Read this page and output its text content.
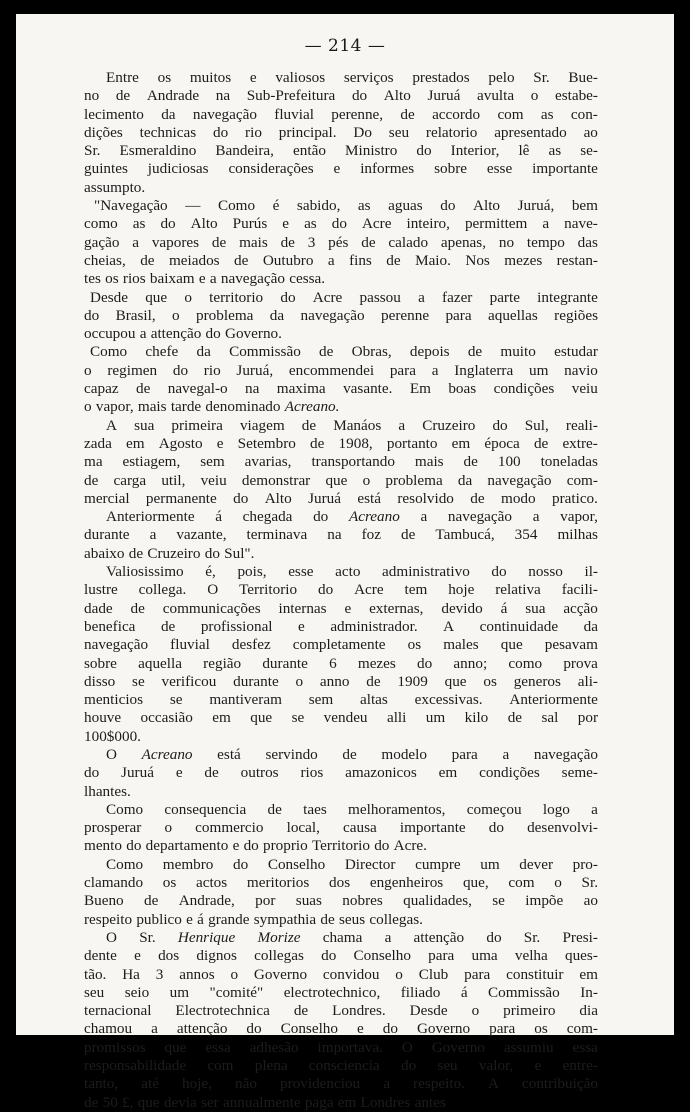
— 214 —
Entre os muitos e valiosos serviços prestados pelo Sr. Bue-
no de Andrade na Sub-Prefeitura do Alto Juruá avulta o estabe-
lecimento da navegação fluvial perenne, de accordo com as con-
dições technicas do rio principal. Do seu relatorio apresentado ao
Sr. Esmeraldino Bandeira, então Ministro do Interior, lê as se-
guintes judiciosas considerações e informes sobre esse importante
assumpto.
"Navegação — Como é sabido, as aguas do Alto Juruá, bem
como as do Alto Purús e as do Acre inteiro, permittem a nave-
gação a vapores de mais de 3 pés de calado apenas, no tempo das
cheias, de meiados de Outubro a fins de Maio. Nos mezes restan-
tes os rios baixam e a navegação cessa.
Desde que o territorio do Acre passou a fazer parte integrante
do Brasil, o problema da navegação perenne para aquellas regiões
occupou a attenção do Governo.
Como chefe da Commissão de Obras, depois de muito estudar
o regimen do rio Juruá, encommendei para a Inglaterra um navio
capaz de navegal-o na maxima vasante. Em boas condições veiu
o vapor, mais tarde denominado Acreano.
A sua primeira viagem de Manáos a Cruzeiro do Sul, reali-
zada em Agosto e Setembro de 1908, portanto em época de extre-
ma estiagem, sem avarias, transportando mais de 100 toneladas
de carga util, veiu demonstrar que o problema da navegação com-
mercial permanente do Alto Juruá está resolvido de modo pratico.
Anteriormente á chegada do Acreano a navegação a vapor,
durante a vazante, terminava na foz de Tambucá, 354 milhas
abaixo de Cruzeiro do Sul".
Valiosissimo é, pois, esse acto administrativo do nosso il-
lustre collega. O Territorio do Acre tem hoje relativa facili-
dade de communicações internas e externas, devido á sua acção
benefica de profissional e administrador. A continuidade da
navegação fluvial desfez completamente os males que pesavam
sobre aquella região durante 6 mezes do anno; como prova
disso se verificou durante o anno de 1909 que os generos ali-
menticios se mantiveram sem altas excessivas. Anteriormente
houve occasião em que se vendeu alli um kilo de sal por
100$000.
O Acreano está servindo de modelo para a navegação
do Juruá e de outros rios amazonicos em condições seme-
lhantes.
Como consequencia de taes melhoramentos, começou logo a
prosperar o commercio local, causa importante do desenvolvi-
mento do departamento e do proprio Territorio do Acre.
Como membro do Conselho Director cumpre um dever pro-
clamando os actos meritorios dos engenheiros que, com o Sr.
Bueno de Andrade, por suas nobres qualidades, se impõe ao
respeito publico e á grande sympathia de seus collegas.
O Sr. Henrique Morize chama a attenção do Sr. Presi-
dente e dos dignos collegas do Conselho para uma velha ques-
tão. Ha 3 annos o Governo convidou o Club para constituir em
seu seio um "comité" electrotechnico, filiado á Commissão In-
ternacional Electrotechnica de Londres. Desde o primeiro dia
chamou a attenção do Conselho e do Governo para os com-
promissos que essa adhesão importava. O Governo assumiu essa
responsabilidade com plena consciencia do seu valor, e entre-
tanto, até hoje, não providenciou a respeito. A contribuição
de 50 £, que devia ser annualmente paga em Londres antes
